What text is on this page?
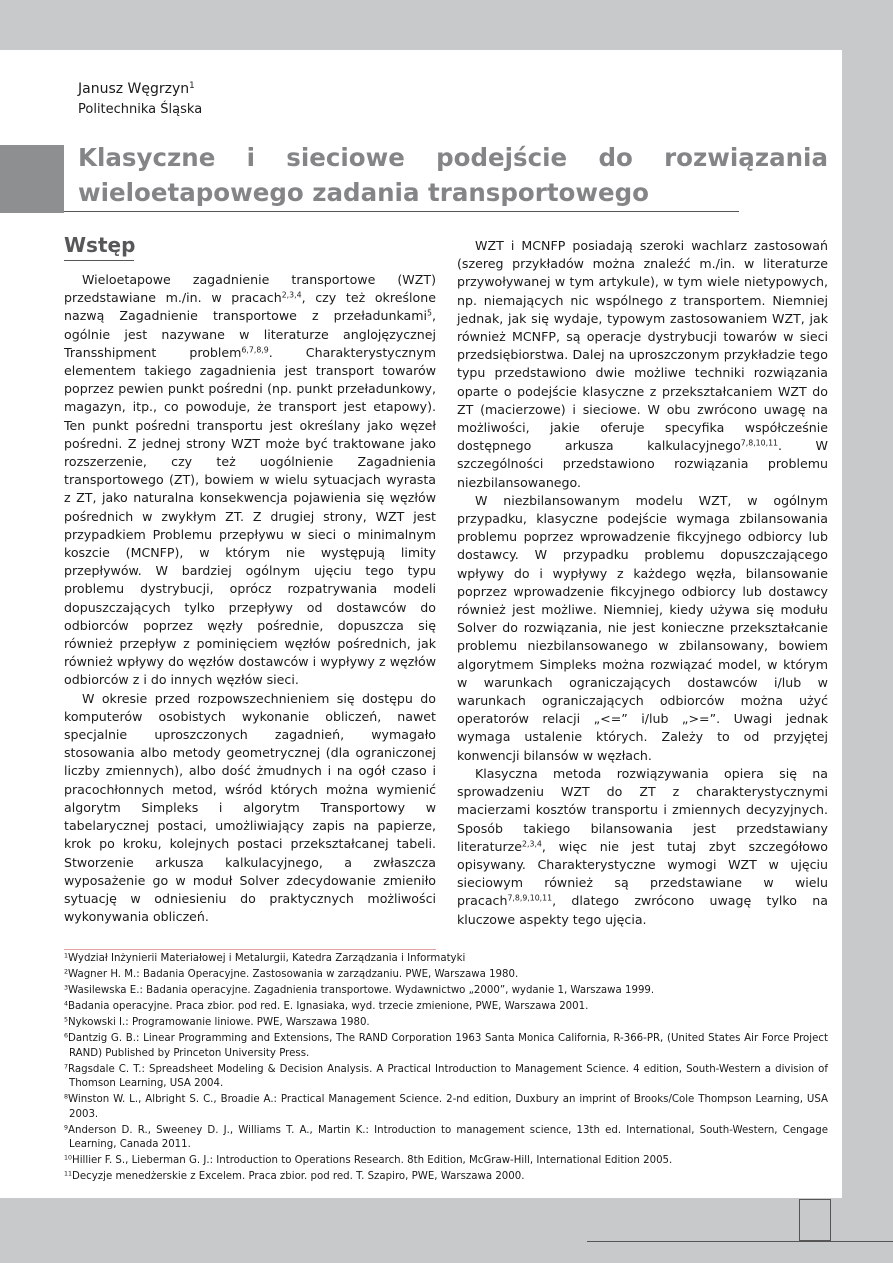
Janusz Węgrzyn$^1$
Politechnika Śląska
Klasyczne i sieciowe podejście do rozwiązania wieloetapowego zadania transportowego
Wstęp

Wieloetapowe zagadnienie transportowe (WZT) przedstawiane m./in. w pracach$^{2,3,4}$, czy też określone nazwą Zagadnienie transportowe z przeładunkami$^5$, ogólnie jest nazywane w literaturze anglojęzycznej Transshipment problem$^{6,7,8,9}$. Charakterystycznym elementem takiego zagadnienia jest transport towarów poprzez pewien punkt pośredni (np. punkt przeładunkowy, magazyn, itp., co powoduje, że transport jest etapowy). Ten punkt pośredni transportu jest określany jako węzeł pośredni. Z jednej strony WZT może być traktowane jako rozszerzenie, czy też uogólnienie Zagadnienia transportowego (ZT), bowiem w wielu sytuacjach wyrasta z ZT, jako naturalna konsekwencja pojawienia się węzłów pośrednich w zwykłym ZT. Z drugiej strony, WZT jest przypadkiem Problemu przepływu w sieci o minimalnym koszcie (MCNFP), w którym nie występują limity przepływów. W bardziej ogólnym ujęciu tego typu problemu dystrybucji, oprócz rozpatrywania modeli dopuszczających tylko przepływy od dostawców do odbiorców poprzez węzły pośrednie, dopuszcza się również przepływ z pominięciem węzłów pośrednich, jak również wpływy do węzłów dostawców i wypływy z węzłów odbiorców z i do innych węzłów sieci.

W okresie przed rozpowszechnieniem się dostępu do komputerów osobistych wykonanie obliczeń, nawet specjalnie uproszczonych zagadnień, wymagało stosowania albo metody geometrycznej (dla ograniczonej liczby zmiennych), albo dość żmudnych i na ogół czaso i pracochłonnych metod, wśród których można wymienić algorytm Simpleks i algorytm Transportowy w tabelarycznej postaci, umożliwiający zapis na papierze, krok po kroku, kolejnych postaci przekształcanej tabeli. Stworzenie arkusza kalkulacyjnego, a zwłaszcza wyposażenie go w moduł Solver zdecydowanie zmieniło sytuację w odniesieniu do praktycznych możliwości wykonywania obliczeń.

WZT i MCNFP posiadają szeroki wachlarz zastosowań (szereg przykładów można znaleźć m./in. w literaturze przywoływanej w tym artykule), w tym wiele nietypowych, np. niemających nic wspólnego z transportem. Niemniej jednak, jak się wydaje, typowym zastosowaniem WZT, jak również MCNFP, są operacje dystrybucji towarów w sieci przedsiębiorstwa. Dalej na uproszczonym przykładzie tego typu przedstawiono dwie możliwe techniki rozwiązania oparte o podejście klasyczne z przekształcaniem WZT do ZT (macierzowe) i sieciowe. W obu zwrócono uwagę na możliwości, jakie oferuje specyfika współcześnie dostępnego arkusza kalkulacyjnego$^{7,8,10,11}$. W szczególności przedstawiono rozwiązania problemu niezbilansowanego.

W niezbilansowanym modelu WZT, w ogólnym przypadku, klasyczne podejście wymaga zbilansowania problemu poprzez wprowadzenie fikcyjnego odbiorcy lub dostawcy. W przypadku problemu dopuszczającego wpływy do i wypływy z każdego węzła, bilansowanie poprzez wprowadzenie fikcyjnego odbiorcy lub dostawcy również jest możliwe. Niemniej, kiedy używa się modułu Solver do rozwiązania, nie jest konieczne przekształcanie problemu niezbilansowanego w zbilansowany, bowiem algorytmem Simpleks można rozwiązać model, w którym w warunkach ograniczających dostawców i/lub w warunkach ograniczających odbiorców można użyć operatorów relacji „<=” i/lub „>=”. Uwagi jednak wymaga ustalenie których. Zależy to od przyjętej konwencji bilansów w węzłach.

Klasyczna metoda rozwiązywania opiera się na sprowadzeniu WZT do ZT z charakterystycznymi macierzami kosztów transportu i zmiennych decyzyjnych. Sposób takiego bilansowania jest przedstawiany literaturze$^{2,3,4}$, więc nie jest tutaj zbyt szczegółowo opisywany. Charakterystyczne wymogi WZT w ujęciu sieciowym również są przedstawiane w wielu pracach$^{7,8,9,10,11}$, dlatego zwrócono uwagę tylko na kluczowe aspekty tego ujęcia.

$^1$Wydział Inżynierii Materiałowej i Metalurgii, Katedra Zarządzania i Informatyki
$^2$Wagner H. M.: Badania Operacyjne. Zastosowania w zarządzaniu. PWE, Warszawa 1980.
$^3$Wasilewska E.: Badania operacyjne. Zagadnienia transportowe. Wydawnictwo „2000”, wydanie 1, Warszawa 1999.
$^4$Badania operacyjne. Praca zbior. pod red. E. Ignasiaka, wyd. trzecie zmienione, PWE, Warszawa 2001.
$^5$Nykowski I.: Programowanie liniowe. PWE, Warszawa 1980.
$^6$Dantzig G. B.: Linear Programming and Extensions, The RAND Corporation 1963 Santa Monica California, R-366-PR, (United States Air Force Project RAND) Published by Princeton University Press.
$^7$Ragsdale C. T.: Spreadsheet Modeling & Decision Analysis. A Practical Introduction to Management Science. 4 edition, South-Western a division of Thomson Learning, USA 2004.
$^8$Winston W. L., Albright S. C., Broadie A.: Practical Management Science. 2-nd edition, Duxbury an imprint of Brooks/Cole Thompson Learning, USA 2003.
$^9$Anderson D. R., Sweeney D. J., Williams T. A., Martin K.: Introduction to management science, 13th ed. International, South-Western, Cengage Learning, Canada 2011.
$^{10}$Hillier F. S., Lieberman G. J.: Introduction to Operations Research. 8th Edition, McGraw-Hill, International Edition 2005.
$^{11}$Decyzje menedżerskie z Excelem. Praca zbior. pod red. T. Szapiro, PWE, Warszawa 2000.
